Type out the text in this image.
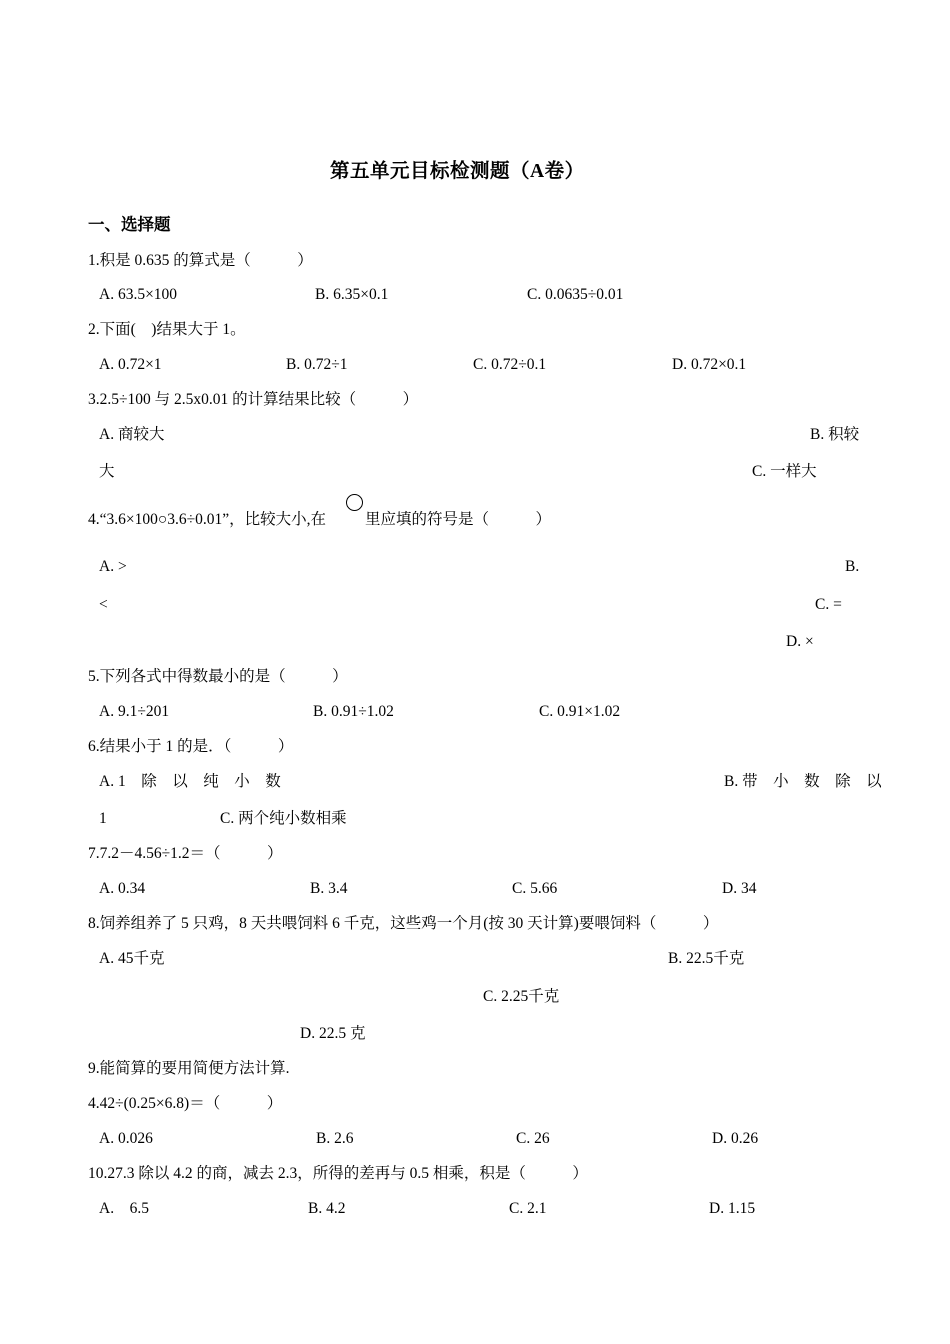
第五单元目标检测题（A卷）
一、选择题
1.积是 0.635 的算式是（　　　）
A. 63.5×100	B. 6.35×0.1	C. 0.0635÷0.01
2.下面(　)结果大于 1。
A. 0.72×1	B. 0.72÷1	C. 0.72÷0.1	D. 0.72×0.1
3.2.5÷100 与 2.5x0.01 的计算结果比较（　　　）
A. 商较大	B. 积较
大	C. 一样大
4.“3.6×100○3.6÷0.01”，比较大小,在	里应填的符号是（　　　）
A. >	B.
<	C. =
D. ×
5.下列各式中得数最小的是（　　　）
A. 9.1÷201	B. 0.91÷1.02	C. 0.91×1.02
6.结果小于 1 的是．（　　　）
A. 1　除　以　纯　小　数	B. 带　小　数　除　以
1	C. 两个纯小数相乘
7.7.2－4.56÷1.2＝（　　　）
A. 0.34	B. 3.4	C. 5.66	D. 34
8.饲养组养了 5 只鸡，8 天共喂饲料 6 千克，这些鸡一个月(按 30 天计算)要喂饲料（　　　）
A. 45千克	B. 22.5千克
C. 2.25千克
D. 22.5 克
9.能简算的要用简便方法计算.
4.42÷(0.25×6.8)＝（　　　）
A. 0.026	B. 2.6	C. 26	D. 0.26
10.27.3 除以 4.2 的商，减去 2.3，所得的差再与 0.5 相乘，积是（　　　）
A.　6.5	B. 4.2	C. 2.1	D. 1.15
